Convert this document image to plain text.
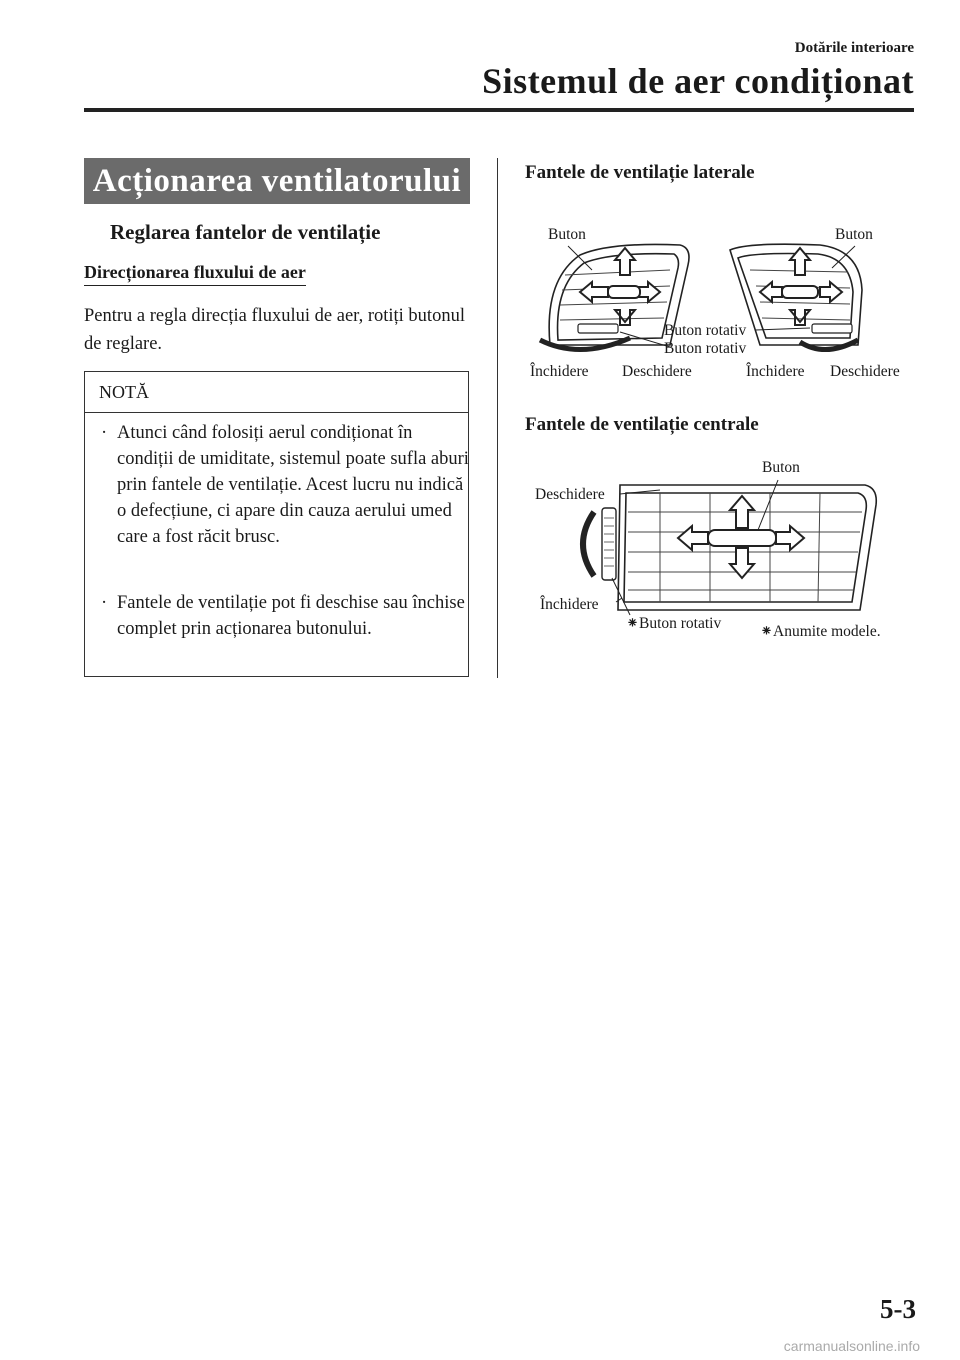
Dotările interioare
Sistemul de aer condiționat
Acționarea ventilatorului
Reglarea fantelor de ventilație
Direcționarea fluxului de aer
Pentru a regla direcția fluxului de aer, rotiți butonul de reglare.
NOTĂ
· Atunci când folosiți aerul condiționat în condiții de umiditate, sistemul poate sufla aburi prin fantele de ventilație. Acest lucru nu indică o defecțiune, ci apare din cauza aerului umed care a fost răcit brusc.
· Fantele de ventilație pot fi deschise sau închise complet prin acționarea butonului.
Fantele de ventilație laterale
Buton	Buton
Buton rotativ
Buton rotativ
Închidere Deschidere	Închidere Deschidere
Fantele de ventilație centrale
Buton
Deschidere
Închidere
⁕Buton rotativ	⁕Anumite modele.
5-3
carmanualsonline.info
